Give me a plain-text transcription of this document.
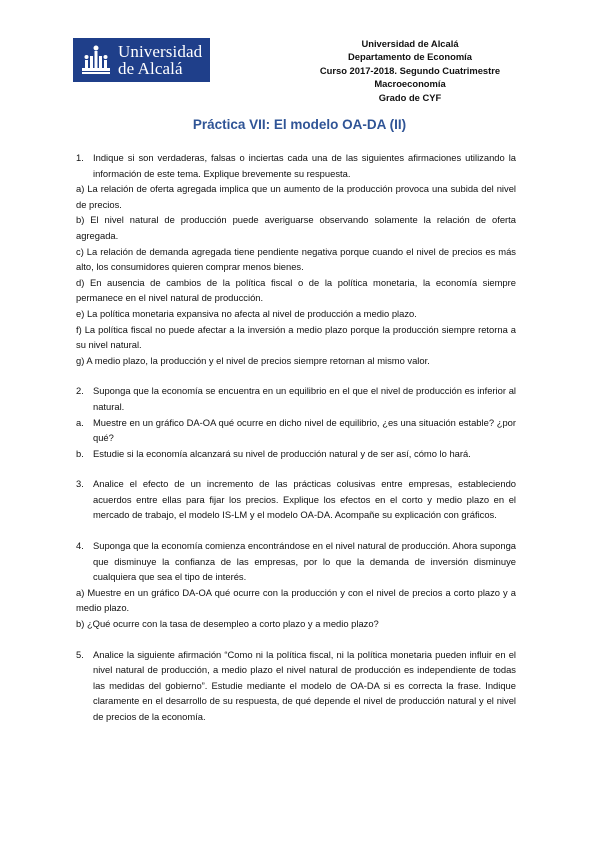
Universidad
de Alcalá
Universidad de Alcalá
Departamento de Economía
Curso 2017-2018. Segundo Cuatrimestre
Macroeconomía
Grado de CYF
Práctica VII: El modelo OA-DA (II)
1. Indique si son verdaderas, falsas o inciertas cada una de las siguientes afirmaciones utilizando la información de este tema. Explique brevemente su respuesta.
a) La relación de oferta agregada implica que un aumento de la producción provoca una subida del nivel de precios.
b) El nivel natural de producción puede averiguarse observando solamente la relación de oferta agregada.
c) La relación de demanda agregada tiene pendiente negativa porque cuando el nivel de precios es más alto, los consumidores quieren comprar menos bienes.
d) En ausencia de cambios de la política fiscal o de la política monetaria, la economía siempre permanece en el nivel natural de producción.
e) La política monetaria expansiva no afecta al nivel de producción a medio plazo.
f) La política fiscal no puede afectar a la inversión a medio plazo porque la producción siempre retorna a su nivel natural.
g) A medio plazo, la producción y el nivel de precios siempre retornan al mismo valor.
2. Suponga que la economía se encuentra en un equilibrio en el que el nivel de producción es inferior al natural.
a. Muestre en un gráfico DA-OA qué ocurre en dicho nivel de equilibrio, ¿es una situación estable? ¿por qué?
b. Estudie si la economía alcanzará su nivel de producción natural y de ser así, cómo lo hará.
3. Analice el efecto de un incremento de las prácticas colusivas entre empresas, estableciendo acuerdos entre ellas para fijar los precios. Explique los efectos en el corto y medio plazo en el mercado de trabajo, el modelo IS-LM y el modelo OA-DA. Acompañe su explicación con gráficos.
4. Suponga que la economía comienza encontrándose en el nivel natural de producción. Ahora suponga que disminuye la confianza de las empresas, por lo que la demanda de inversión disminuye cualquiera que sea el tipo de interés.
a) Muestre en un gráfico DA-OA qué ocurre con la producción y con el nivel de precios a corto plazo y a medio plazo.
b) ¿Qué ocurre con la tasa de desempleo a corto plazo y a medio plazo?
5. Analice la siguiente afirmación “Como ni la política fiscal, ni la política monetaria pueden influir en el nivel natural de producción, a medio plazo el nivel natural de producción es independiente de todas las medidas del gobierno”. Estudie mediante el modelo de OA-DA si es correcta la frase. Indique claramente en el desarrollo de su respuesta, de qué depende el nivel de producción natural y el nivel de precios de la economía.
